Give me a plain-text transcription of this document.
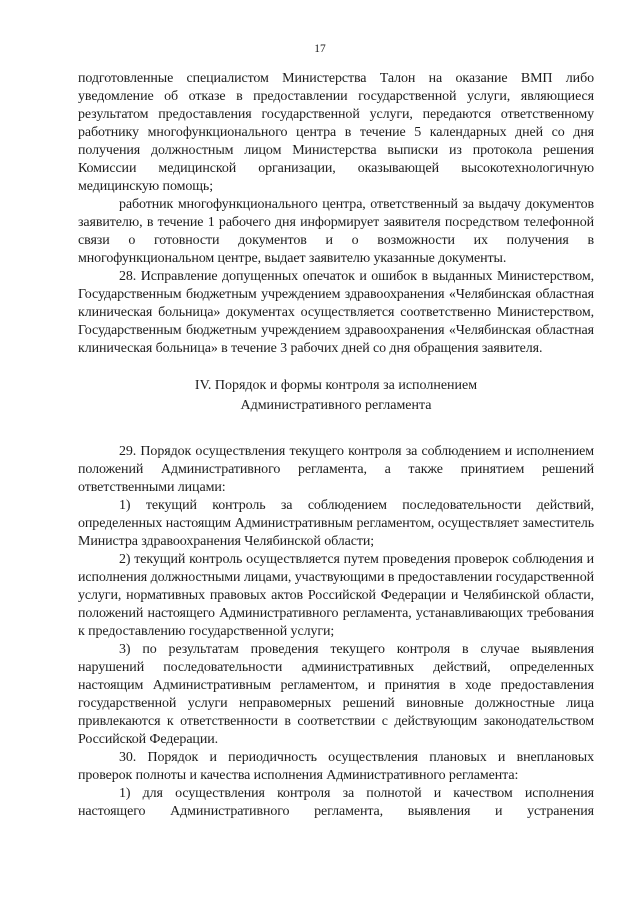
17

подготовленные специалистом Министерства Талон на оказание ВМП либо уведомление об отказе в предоставлении государственной услуги, являющиеся результатом предоставления государственной услуги, передаются ответственному работнику многофункционального центра в течение 5 календарных дней со дня получения должностным лицом Министерства выписки из протокола решения Комиссии медицинской организации, оказывающей высокотехнологичную медицинскую помощь;

работник многофункционального центра, ответственный за выдачу документов заявителю, в течение 1 рабочего дня информирует заявителя посредством телефонной связи о готовности документов и о возможности их получения в многофункциональном центре, выдает заявителю указанные документы.

28. Исправление допущенных опечаток и ошибок в выданных Министерством, Государственным бюджетным учреждением здравоохранения «Челябинская областная клиническая больница» документах осуществляется соответственно Министерством, Государственным бюджетным учреждением здравоохранения «Челябинская областная клиническая больница» в течение 3 рабочих дней со дня обращения заявителя.

IV. Порядок и формы контроля за исполнением
Административного регламента

29. Порядок осуществления текущего контроля за соблюдением и исполнением положений Административного регламента, а также принятием решений ответственными лицами:

1) текущий контроль за соблюдением последовательности действий, определенных настоящим Административным регламентом, осуществляет заместитель Министра здравоохранения Челябинской области;

2) текущий контроль осуществляется путем проведения проверок соблюдения и исполнения должностными лицами, участвующими в предоставлении государственной услуги, нормативных правовых актов Российской Федерации и Челябинской области, положений настоящего Административного регламента, устанавливающих требования к предоставлению государственной услуги;

3) по результатам проведения текущего контроля в случае выявления нарушений последовательности административных действий, определенных настоящим Административным регламентом, и принятия в ходе предоставления государственной услуги неправомерных решений виновные должностные лица привлекаются к ответственности в соответствии с действующим законодательством Российской Федерации.

30. Порядок и периодичность осуществления плановых и внеплановых проверок полноты и качества исполнения Административного регламента:

1) для осуществления контроля за полнотой и качеством исполнения настоящего Административного регламента, выявления и устранения
